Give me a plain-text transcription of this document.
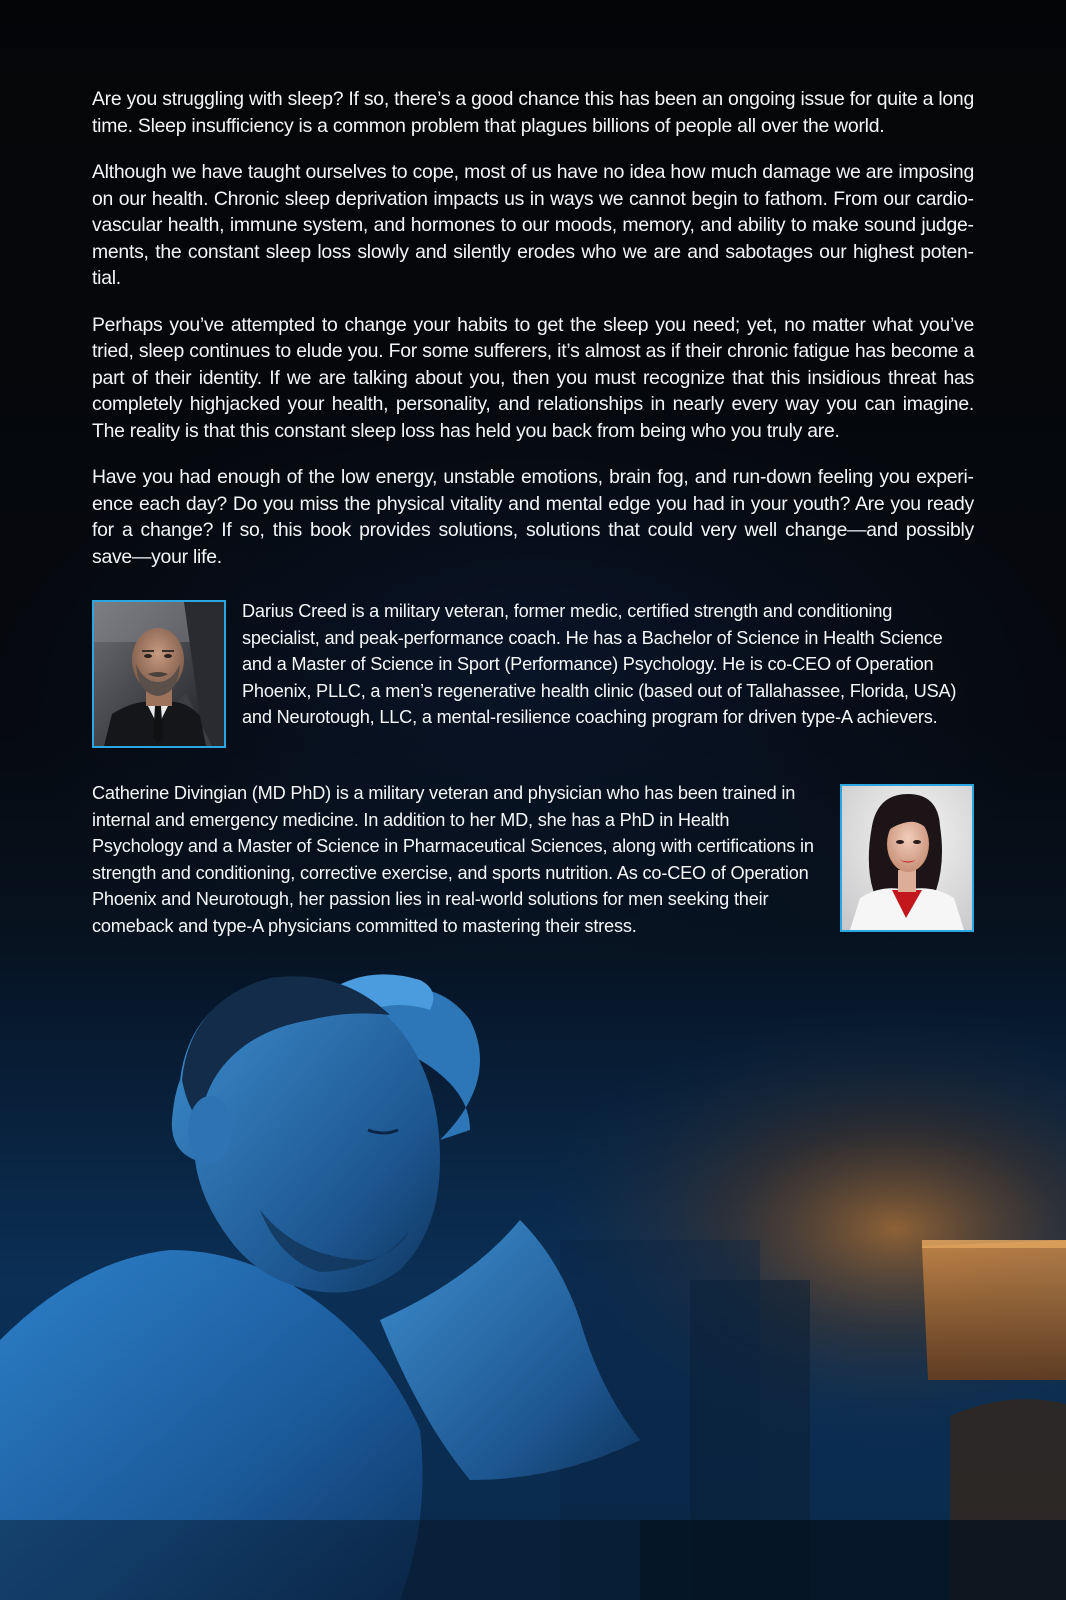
Are you struggling with sleep? If so, there’s a good chance this has been an ongoing issue for quite a long time. Sleep insufficiency is a common problem that plagues billions of people all over the world.

Although we have taught ourselves to cope, most of us have no idea how much damage we are imposing on our health. Chronic sleep deprivation impacts us in ways we cannot begin to fathom. From our cardiovascular health, immune system, and hormones to our moods, memory, and ability to make sound judgements, the constant sleep loss slowly and silently erodes who we are and sabotages our highest potential.

Perhaps you’ve attempted to change your habits to get the sleep you need; yet, no matter what you’ve tried, sleep continues to elude you. For some sufferers, it’s almost as if their chronic fatigue has become a part of their identity. If we are talking about you, then you must recognize that this insidious threat has completely highjacked your health, personality, and relationships in nearly every way you can imagine. The reality is that this constant sleep loss has held you back from being who you truly are.

Have you had enough of the low energy, unstable emotions, brain fog, and run-down feeling you experience each day? Do you miss the physical vitality and mental edge you had in your youth? Are you ready for a change? If so, this book provides solutions, solutions that could very well change—and possibly save—your life.

Darius Creed is a military veteran, former medic, certified strength and conditioning specialist, and peak-performance coach. He has a Bachelor of Science in Health Science and a Master of Science in Sport (Performance) Psychology. He is co-CEO of Operation Phoenix, PLLC, a men’s regenerative health clinic (based out of Tallahassee, Florida, USA) and Neurotough, LLC, a mental-resilience coaching program for driven type-A achievers.
Catherine Divingian (MD PhD) is a military veteran and physician who has been trained in internal and emergency medicine. In addition to her MD, she has a PhD in Health Psychology and a Master of Science in Pharmaceutical Sciences, along with certifications in strength and conditioning, corrective exercise, and sports nutrition. As co-CEO of Operation Phoenix and Neurotough, her passion lies in real-world solutions for men seeking their comeback and type-A physicians committed to mastering their stress.
